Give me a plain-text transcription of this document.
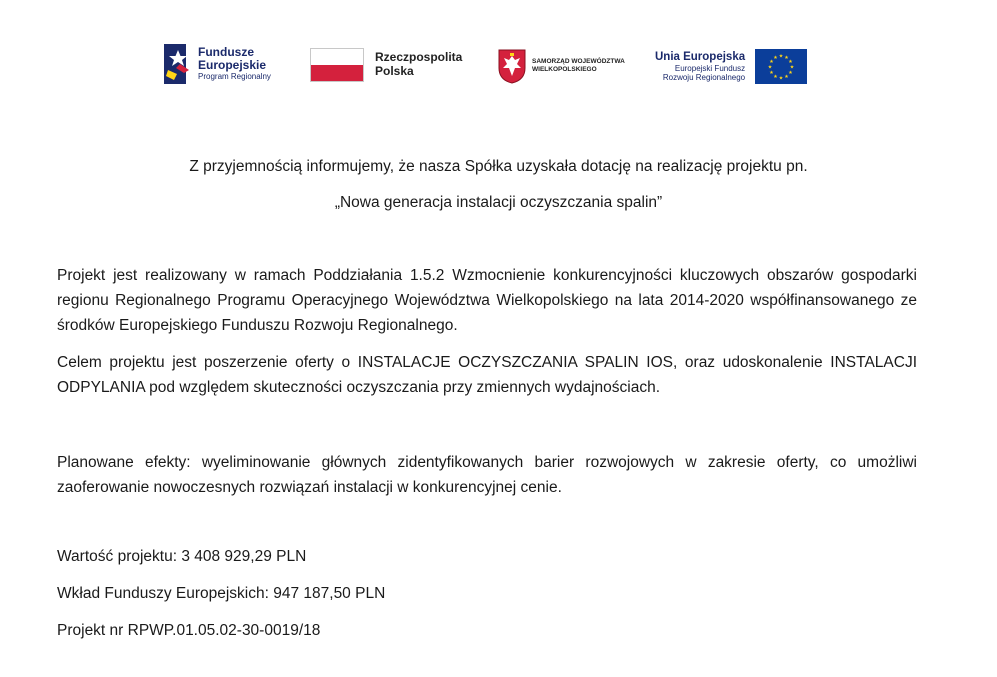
Fundusze
Europejskie
Program Regionalny
Rzeczpospolita
Polska
SAMORZĄD WOJEWÓDZTWA
WIELKOPOLSKIEGO
Unia Europejska
Europejski Fundusz
Rozwoju Regionalnego
★ ★
★
★
★
★
★
★
★
★
★
★
Z przyjemnością informujemy, że nasza Spółka uzyskała dotację na realizację projektu pn.
„Nowa generacja instalacji oczyszczania spalin”
Projekt jest realizowany w ramach Poddziałania 1.5.2 Wzmocnienie konkurencyjności kluczowych obszarów gospodarki regionu Regionalnego Programu Operacyjnego Województwa Wielkopolskiego na lata 2014-2020 współfinansowanego ze środków Europejskiego Funduszu Rozwoju Regionalnego.
Celem projektu jest poszerzenie oferty o INSTALACJE OCZYSZCZANIA SPALIN IOS, oraz udoskonalenie INSTALACJI ODPYLANIA pod względem skuteczności oczyszczania przy zmiennych wydajnościach.
Planowane efekty: wyeliminowanie głównych zidentyfikowanych barier rozwojowych w zakresie oferty, co umożliwi zaoferowanie nowoczesnych rozwiązań instalacji w konkurencyjnej cenie.
Wartość projektu: 3 408 929,29 PLN
Wkład Funduszy Europejskich: 947 187,50 PLN
Projekt nr RPWP.01.05.02-30-0019/18
